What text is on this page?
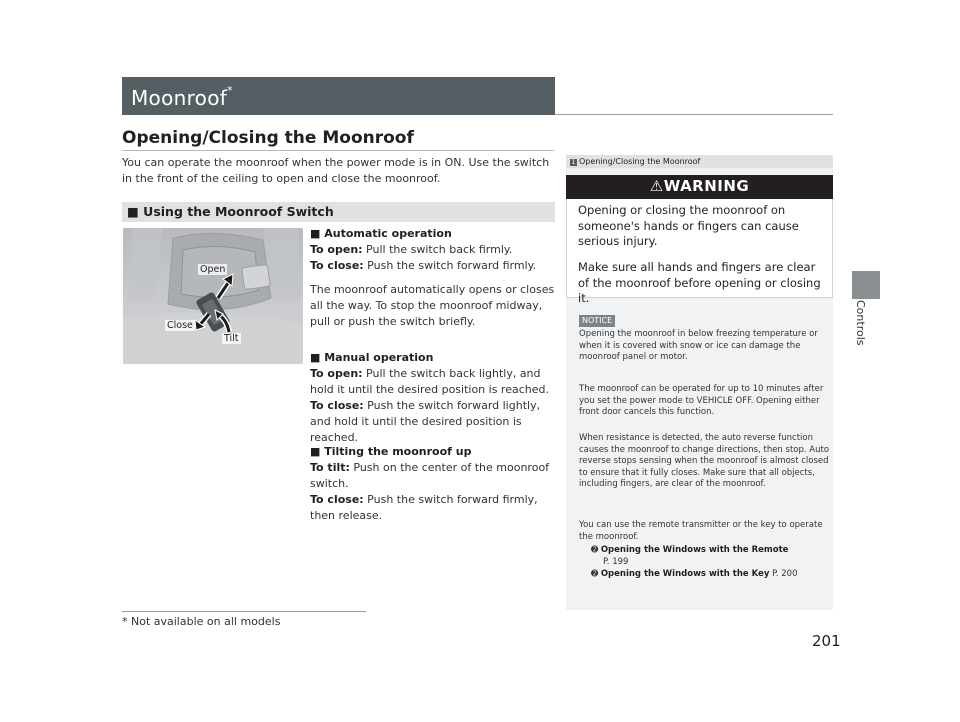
Moonroof*
Controls
Opening/Closing the Moonroof
You can operate the moonroof when the power mode is in ON. Use the switch in the front of the ceiling to open and close the moonroof.
■ Using the Moonroof Switch
Open
Close
Tilt
■ Automatic operation
To open: Pull the switch back firmly.
To close: Push the switch forward firmly.
The moonroof automatically opens or closes all the way. To stop the moonroof midway, pull or push the switch briefly.
■ Manual operation
To open: Pull the switch back lightly, and hold it until the desired position is reached.
To close: Push the switch forward lightly, and hold it until the desired position is reached.
■ Tilting the moonroof up
To tilt: Push on the center of the moonroof switch.
To close: Push the switch forward firmly, then release.
1 Opening/Closing the Moonroof
⚠WARNING
Opening or closing the moonroof on someone's hands or fingers can cause serious injury.
Make sure all hands and fingers are clear of the moonroof before opening or closing it.
NOTICE
Opening the moonroof in below freezing temperature or when it is covered with snow or ice can damage the moonroof panel or motor.
The moonroof can be operated for up to 10 minutes after you set the power mode to VEHICLE OFF. Opening either front door cancels this function.
When resistance is detected, the auto reverse function causes the moonroof to change directions, then stop. Auto reverse stops sensing when the moonroof is almost closed to ensure that it fully closes. Make sure that all objects, including fingers, are clear of the moonroof.
You can use the remote transmitter or the key to operate the moonroof.
➋ Opening the Windows with the Remote
P. 199
➋ Opening the Windows with the Key P. 200
* Not available on all models
201
